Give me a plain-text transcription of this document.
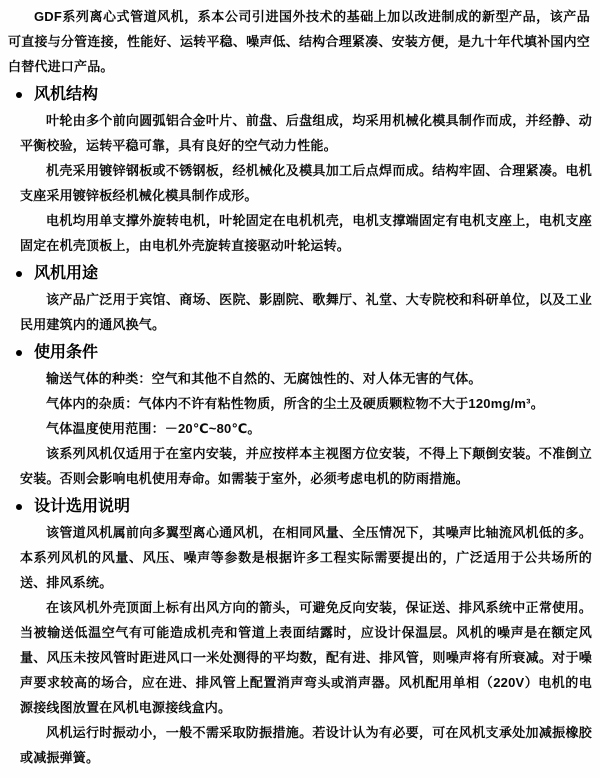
GDF系列离心式管道风机，系本公司引进国外技术的基础上加以改进制成的新型产品，该产品可直接与分管连接，性能好、运转平稳、噪声低、结构合理紧凑、安装方便，是九十年代填补国内空白替代进口产品。

风机结构

叶轮由多个前向圆弧铝合金叶片、前盘、后盘组成，均采用机械化模具制作而成，并经静、动平衡校验，运转平稳可靠，具有良好的空气动力性能。

机壳采用镀锌钢板或不锈钢板，经机械化及模具加工后点焊而成。结构牢固、合理紧凑。电机支座采用镀锌板经机械化模具制作成形。

电机均用单支撑外旋转电机，叶轮固定在电机机壳，电机支撑端固定有电机支座上，电机支座固定在机壳顶板上，由电机外壳旋转直接驱动叶轮运转。

风机用途

该产品广泛用于宾馆、商场、医院、影剧院、歌舞厅、礼堂、大专院校和科研单位，以及工业民用建筑内的通风换气。

使用条件

输送气体的种类：空气和其他不自然的、无腐蚀性的、对人体无害的气体。

气体内的杂质：气体内不许有粘性物质，所含的尘土及硬质颗粒物不大于120mg/m³。

气体温度使用范围：－20℃~80℃。

该系列风机仅适用于在室内安装，并应按样本主视图方位安装，不得上下颠倒安装。不准倒立安装。否则会影响电机使用寿命。如需装于室外，必须考虑电机的防雨措施。

设计选用说明

该管道风机属前向多翼型离心通风机，在相同风量、全压情况下，其噪声比轴流风机低的多。本系列风机的风量、风压、噪声等参数是根据许多工程实际需要提出的，广泛适用于公共场所的送、排风系统。

在该风机外壳顶面上标有出风方向的箭头，可避免反向安装，保证送、排风系统中正常使用。当被输送低温空气有可能造成机壳和管道上表面结露时，应设计保温层。风机的噪声是在额定风量、风压未按风管时距进风口一米处测得的平均数，配有进、排风管，则噪声将有所衰减。对于噪声要求较高的场合，应在进、排风管上配置消声弯头或消声器。风机配用单相（220V）电机的电源接线图放置在风机电源接线盒内。

风机运行时振动小，一般不需采取防振措施。若设计认为有必要，可在风机支承处加减振橡胶或减振弹簧。
